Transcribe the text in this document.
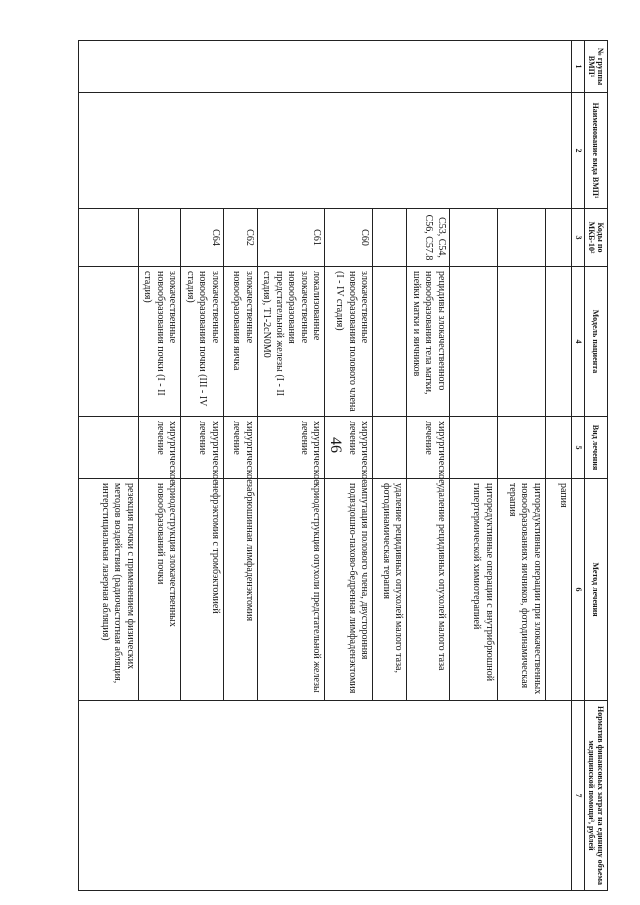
46
№ группы ВМП¹	Наименование вида ВМП¹	Коды по МКБ-10²	Модель пациента	Вид лечения	Метод лечения	Норматив финансовых затрат на единицу объема медицинской помощи³, рублей
1	2	3	4	5	6	7
					рапия	
					циторедуктивные операции при злокачественных новообразованиях яичников, фотодинамическая терапия	
					циторедуктивные операции с внутрибрюшной гипертермической химиотерапией	
		C53, C54, C56, C57.8	рецидивы злокачественного новообразования тела матки, шейки матки и яичников	хирургическое лечение	удаление рецидивных опухолей малого таза	
					удаление рецидивных опухолей малого таза, фотодинамическая терапия	
		C60	злокачественные новообразования полового члена (I - IV стадия)	хирургическое лечение	ампутация полового члена, двусторонняя подвздошно-пахово-бедренная лимфаденэктомия	
		C61	локализованные злокачественные новообразования предстательной железы (I - II стадия), T1-2cN0M0	хирургическое лечение	криодеструкция опухоли предстательной железы	
		C62	злокачественные новообразования яичка	хирургическое лечение	забрюшинная лимфаденэктомия	
		C64	злокачественные новообразования почки (III - IV стадия)	хирургическое лечение	нефрэктомия с тромбэктомией	
			злокачественные новообразования почки (I - II стадия)	хирургическое лечение	криодеструкция злокачественных новообразований почки	
					резекция почки с применением физических методов воздействия (радиочастотная абляция, интерстициальная лазерная абляция)	
